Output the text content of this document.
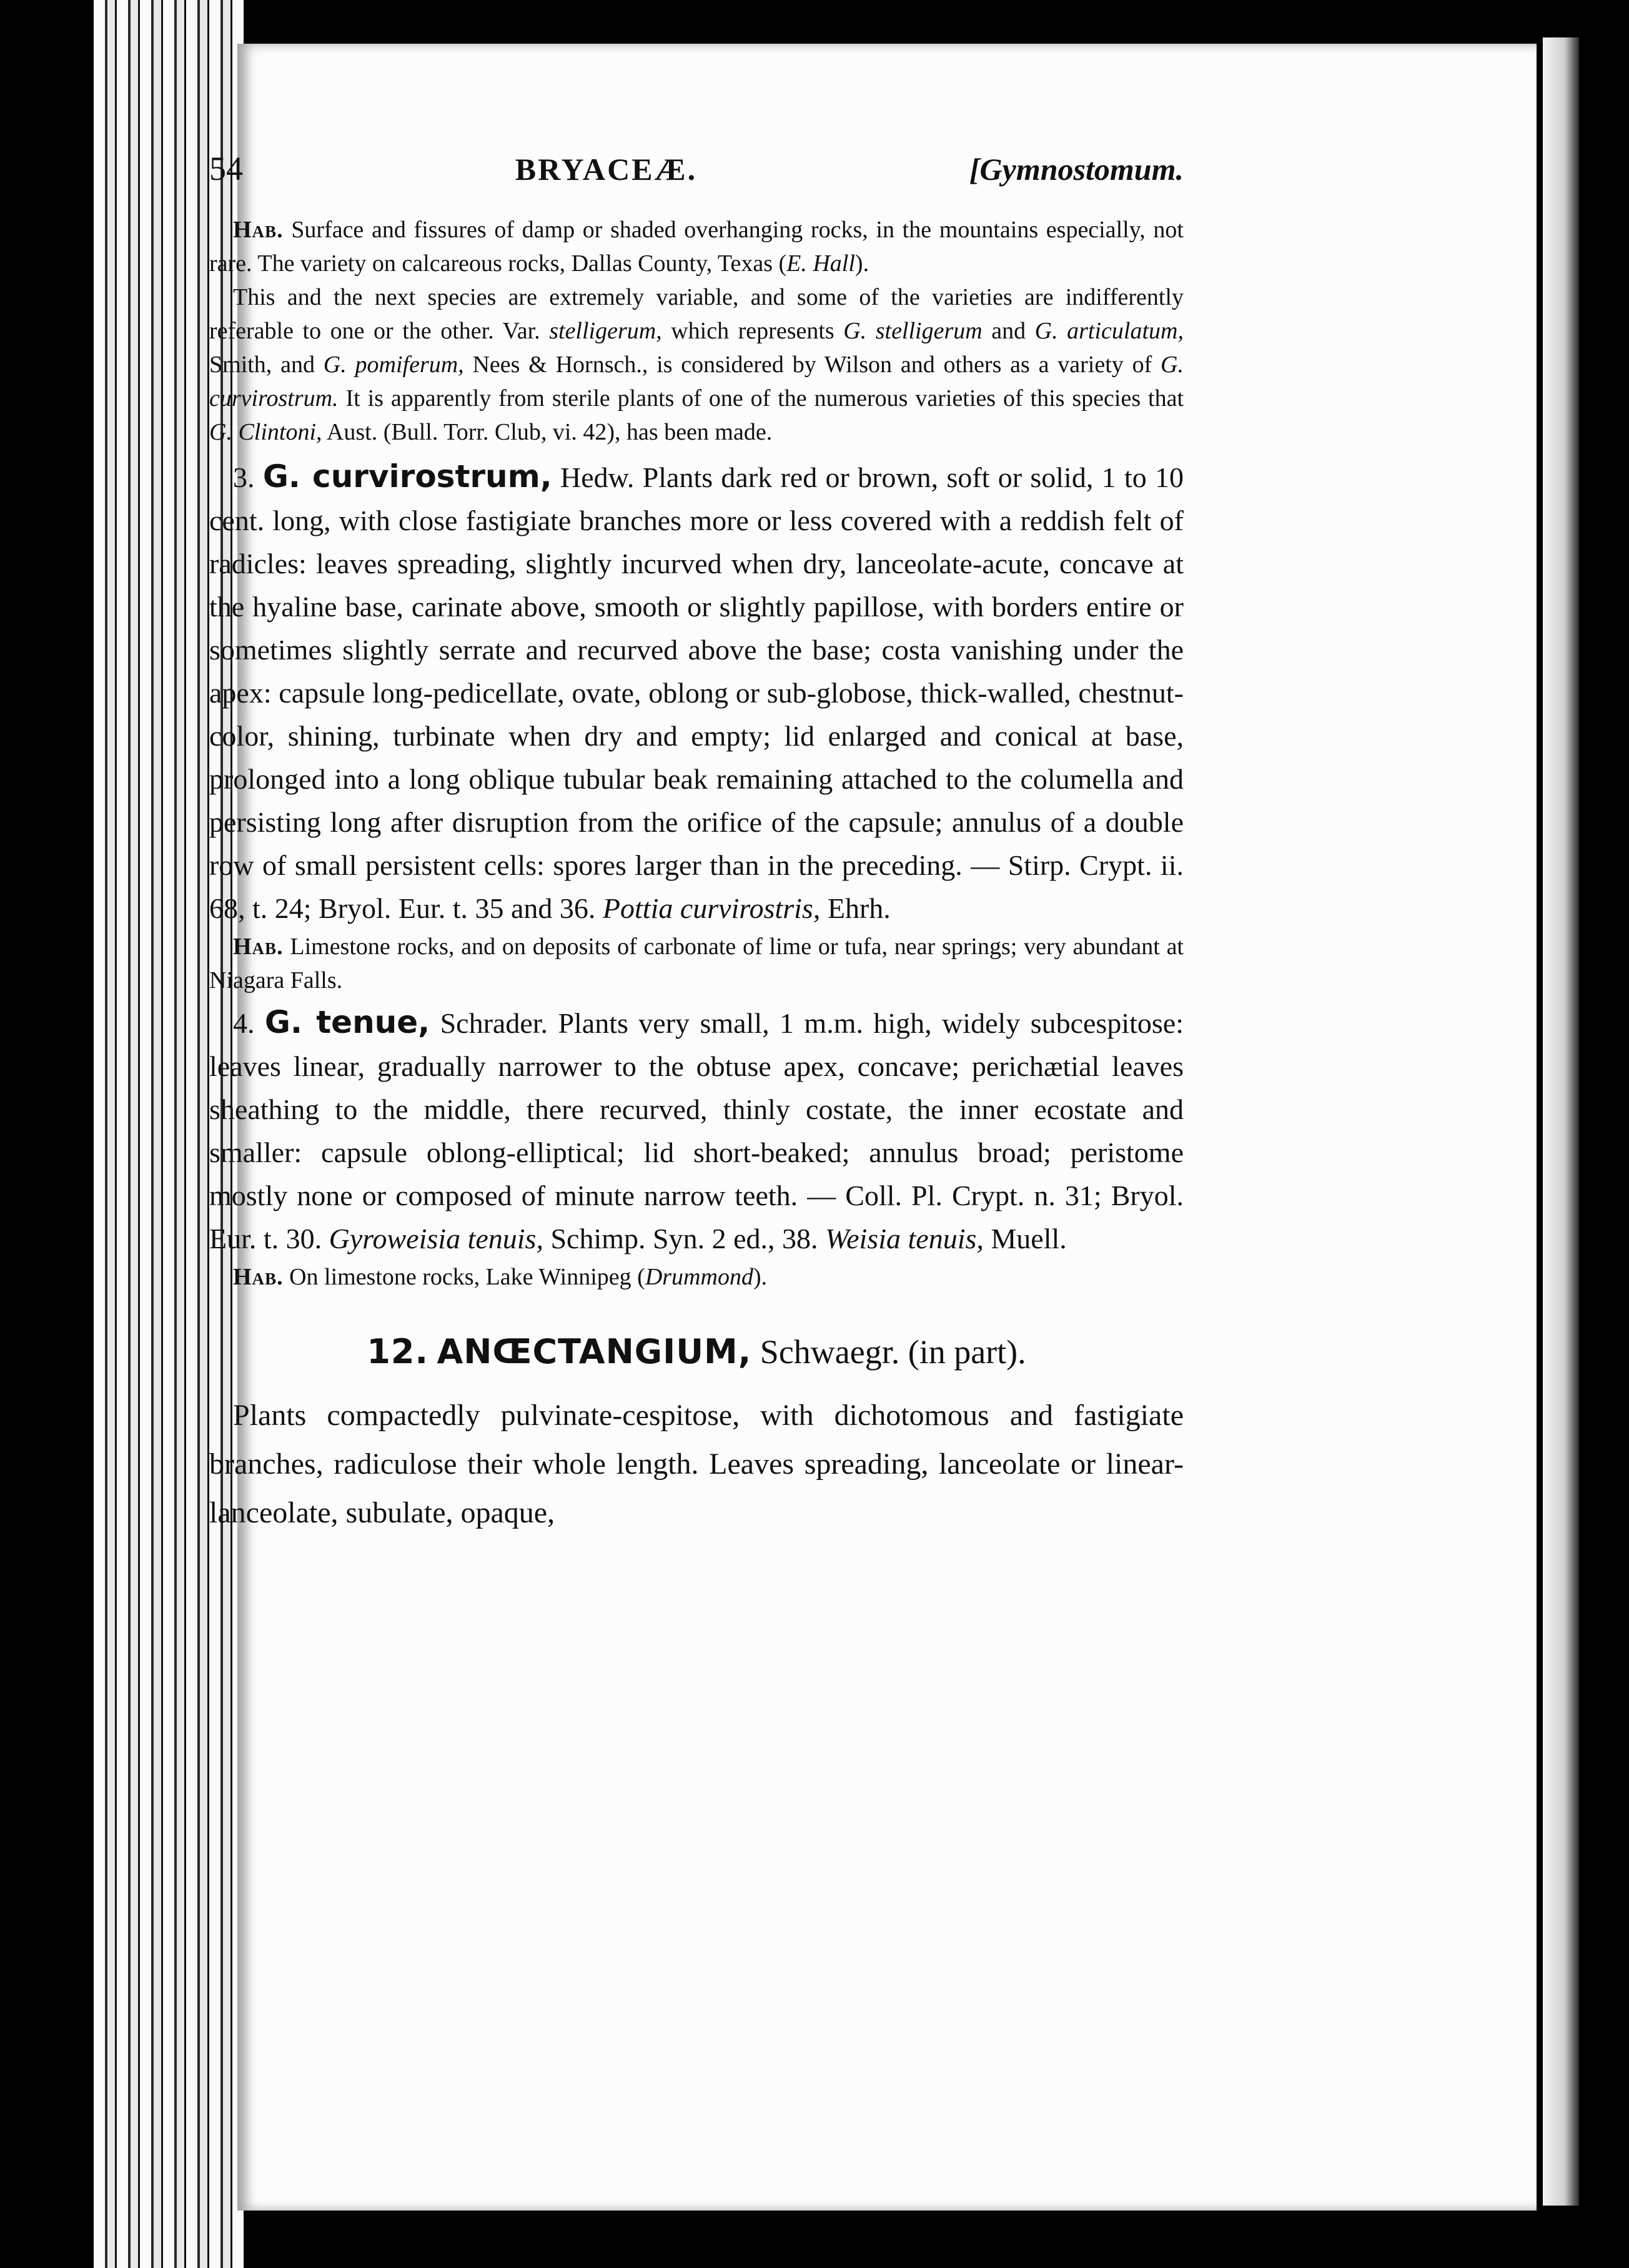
54	BRYACEÆ.	[Gymnostomum.

Hab. Surface and fissures of damp or shaded overhanging rocks, in the mountains especially, not rare. The variety on calcareous rocks, Dallas County, Texas (E. Hall).

This and the next species are extremely variable, and some of the varieties are indifferently referable to one or the other. Var. stelligerum, which represents G. stelligerum and G. articulatum, Smith, and G. pomiferum, Nees & Hornsch., is considered by Wilson and others as a variety of G. curvirostrum. It is apparently from sterile plants of one of the numerous varieties of this species that G. Clintoni, Aust. (Bull. Torr. Club, vi. 42), has been made.

3. G. curvirostrum, Hedw. Plants dark red or brown, soft or solid, 1 to 10 cent. long, with close fastigiate branches more or less covered with a reddish felt of radicles: leaves spreading, slightly incurved when dry, lanceolate-acute, concave at the hyaline base, carinate above, smooth or slightly papillose, with borders entire or sometimes slightly serrate and recurved above the base; costa vanishing under the apex: capsule long-pedicellate, ovate, oblong or sub-globose, thick-walled, chestnut-color, shining, turbinate when dry and empty; lid enlarged and conical at base, prolonged into a long oblique tubular beak remaining attached to the columella and persisting long after disruption from the orifice of the capsule; annulus of a double row of small persistent cells: spores larger than in the preceding. — Stirp. Crypt. ii. 68, t. 24; Bryol. Eur. t. 35 and 36. Pottia curvirostris, Ehrh.

Hab. Limestone rocks, and on deposits of carbonate of lime or tufa, near springs; very abundant at Niagara Falls.

4. G. tenue, Schrader. Plants very small, 1 m.m. high, widely subcespitose: leaves linear, gradually narrower to the obtuse apex, concave; perichætial leaves sheathing to the middle, there recurved, thinly costate, the inner ecostate and smaller: capsule oblong-elliptical; lid short-beaked; annulus broad; peristome mostly none or composed of minute narrow teeth. — Coll. Pl. Crypt. n. 31; Bryol. Eur. t. 30. Gyroweisia tenuis, Schimp. Syn. 2 ed., 38. Weisia tenuis, Muell.

Hab. On limestone rocks, Lake Winnipeg (Drummond).

12. ANŒCTANGIUM, Schwaegr. (in part).

Plants compactedly pulvinate-cespitose, with dichotomous and fastigiate branches, radiculose their whole length. Leaves spreading, lanceolate or linear-lanceolate, subulate, opaque,
